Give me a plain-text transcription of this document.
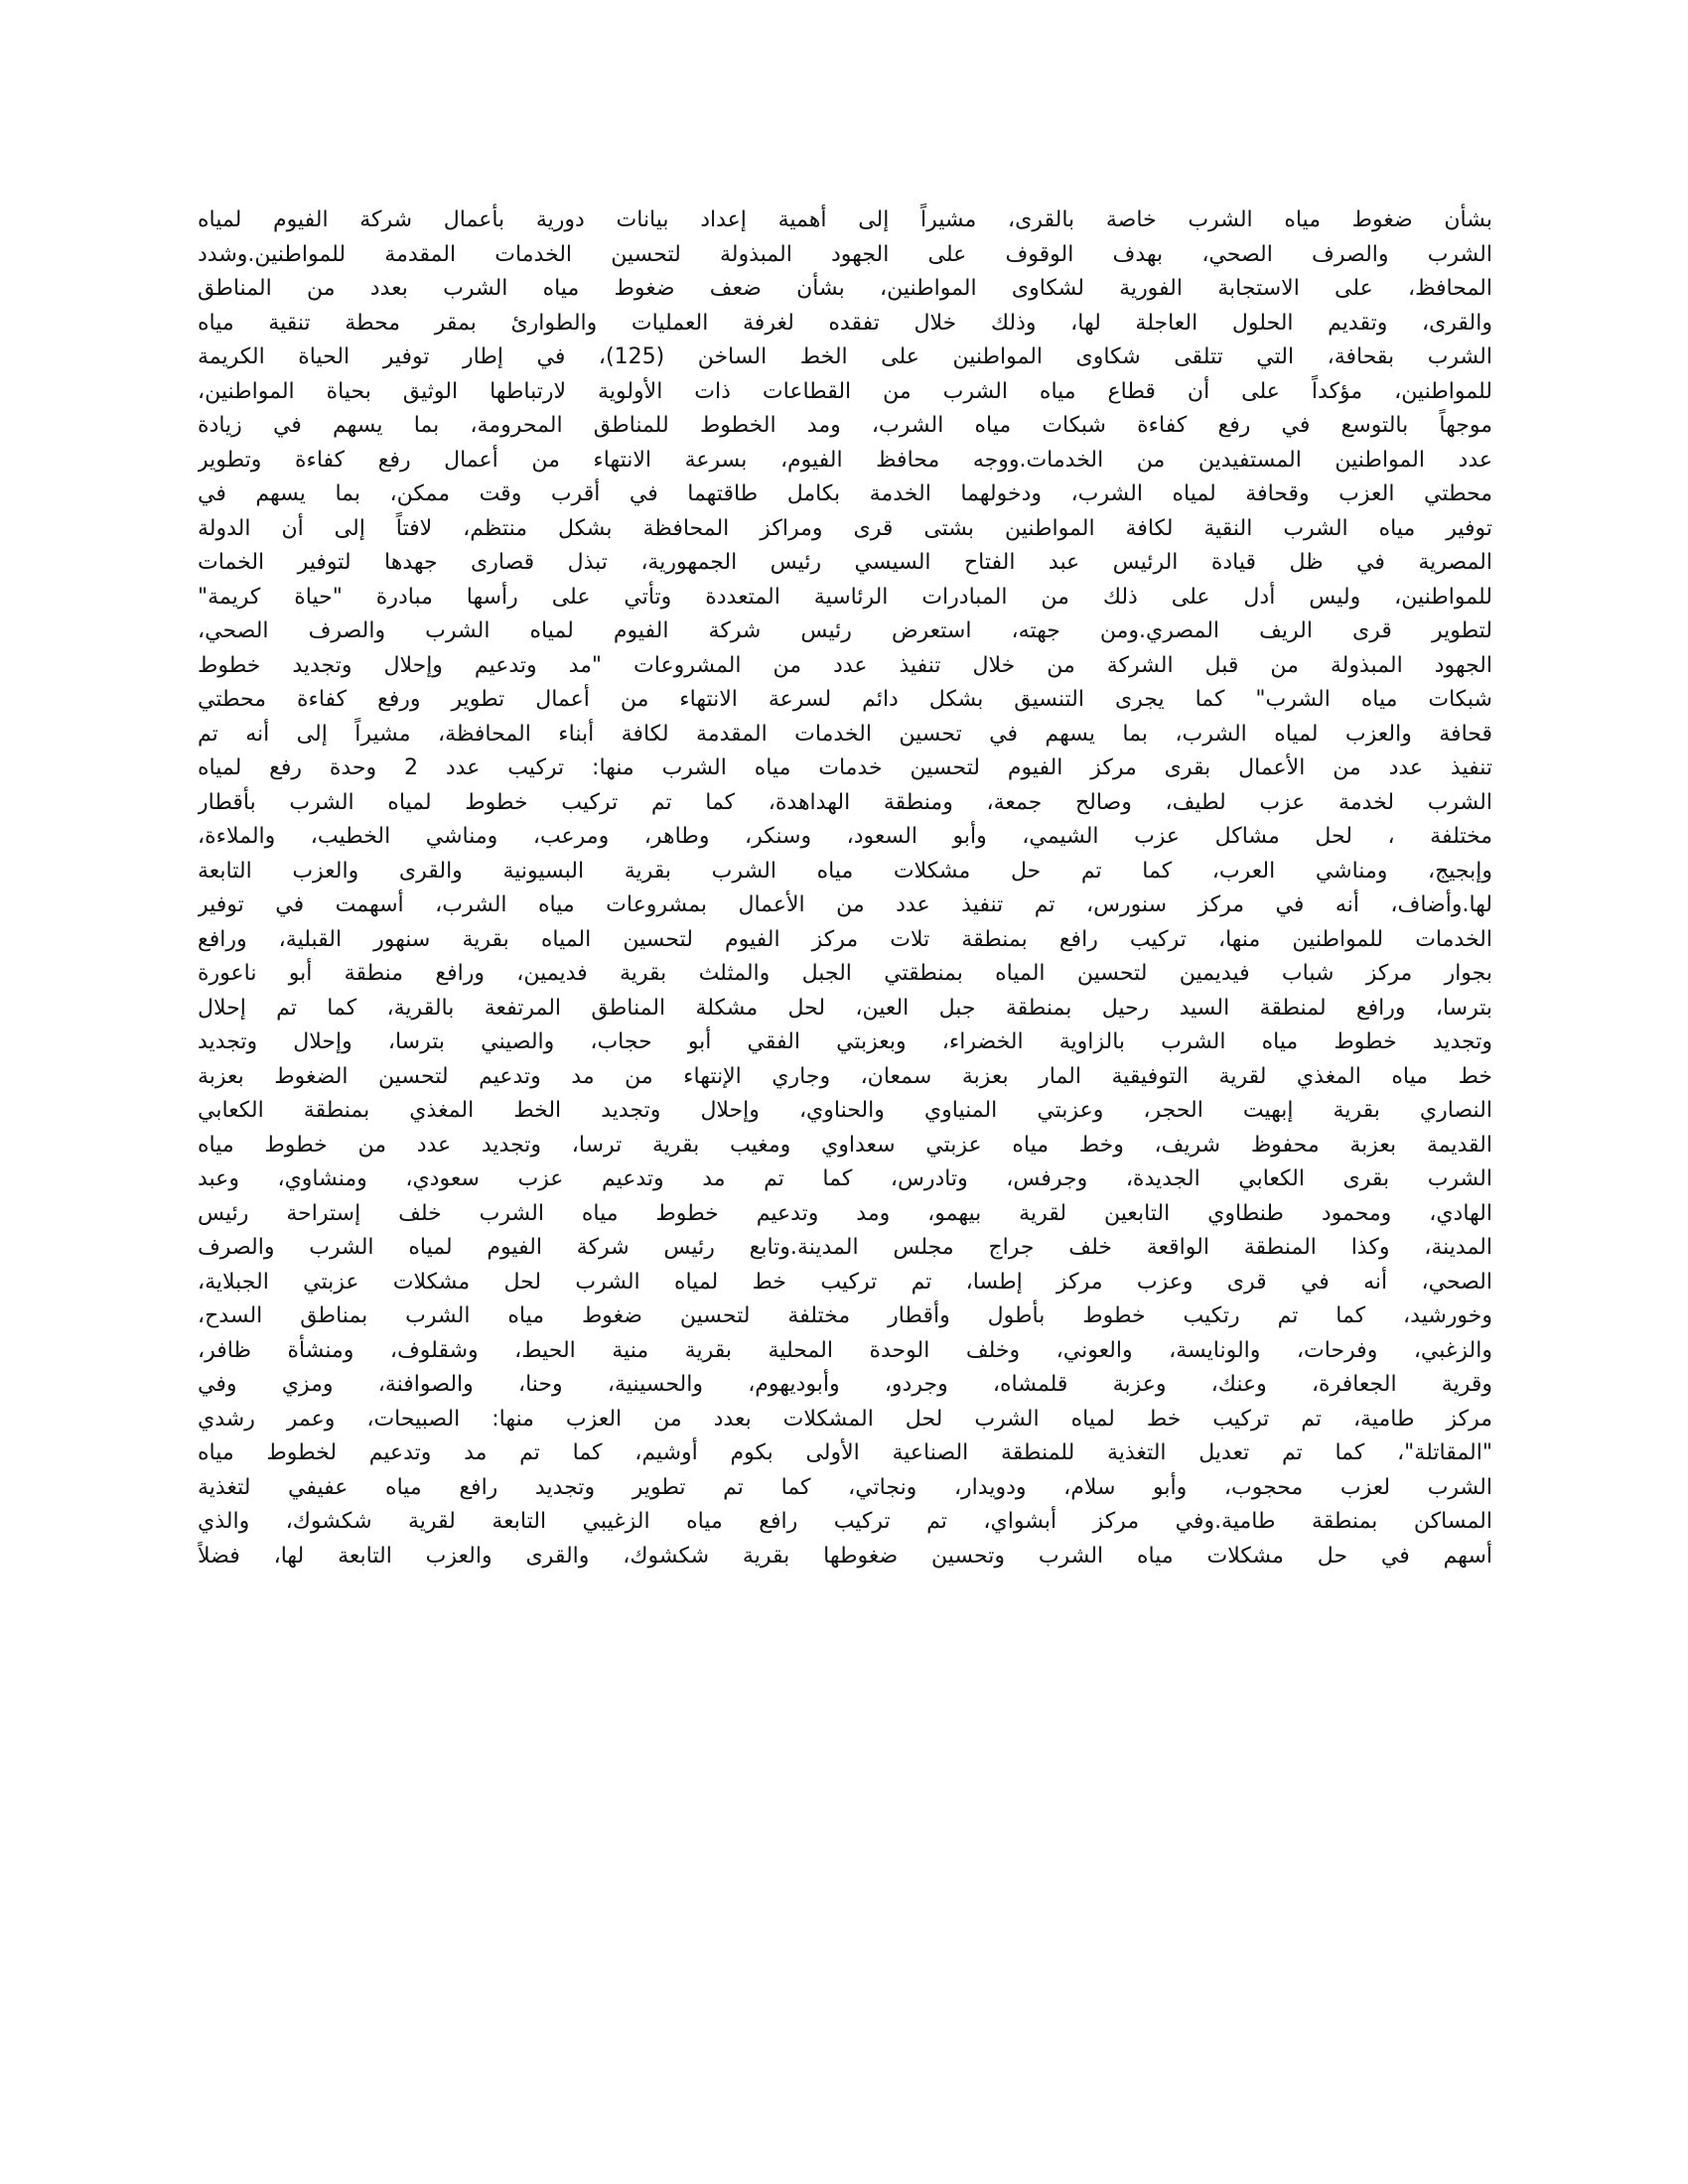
بشأن ضغوط مياه الشرب خاصة بالقرى، مشيراً إلى أهمية إعداد بيانات دورية بأعمال شركة الفيوم لمياه
الشرب والصرف الصحي، بهدف الوقوف على الجهود المبذولة لتحسين الخدمات المقدمة للمواطنين.وشدد
المحافظ، على الاستجابة الفورية لشكاوى المواطنين، بشأن ضعف ضغوط مياه الشرب بعدد من المناطق
والقرى، وتقديم الحلول العاجلة لها، وذلك خلال تفقده لغرفة العمليات والطوارئ بمقر محطة تنقية مياه
الشرب بقحافة، التي تتلقى شكاوى المواطنين على الخط الساخن (125)، في إطار توفير الحياة الكريمة
للمواطنين، مؤكداً على أن قطاع مياه الشرب من القطاعات ذات الأولوية لارتباطها الوثيق بحياة المواطنين،
موجهاً بالتوسع في رفع كفاءة شبكات مياه الشرب، ومد الخطوط للمناطق المحرومة، بما يسهم في زيادة
عدد المواطنين المستفيدين من الخدمات.ووجه محافظ الفيوم، بسرعة الانتهاء من أعمال رفع كفاءة وتطوير
محطتي العزب وقحافة لمياه الشرب، ودخولهما الخدمة بكامل طاقتهما في أقرب وقت ممكن، بما يسهم في
توفير مياه الشرب النقية لكافة المواطنين بشتى قرى ومراكز المحافظة بشكل منتظم، لافتاً إلى أن الدولة
المصرية في ظل قيادة الرئيس عبد الفتاح السيسي رئيس الجمهورية، تبذل قصارى جهدها لتوفير الخمات
للمواطنين، وليس أدل على ذلك من المبادرات الرئاسية المتعددة وتأتي على رأسها مبادرة "حياة كريمة"
لتطوير قرى الريف المصري.ومن جهته، استعرض رئيس شركة الفيوم لمياه الشرب والصرف الصحي،
الجهود المبذولة من قبل الشركة من خلال تنفيذ عدد من المشروعات "مد وتدعيم وإحلال وتجديد خطوط
شبكات مياه الشرب" كما يجرى التنسيق بشكل دائم لسرعة الانتهاء من أعمال تطوير ورفع كفاءة محطتي
قحافة والعزب لمياه الشرب، بما يسهم في تحسين الخدمات المقدمة لكافة أبناء المحافظة، مشيراً إلى أنه تم
تنفيذ عدد من الأعمال بقرى مركز الفيوم لتحسين خدمات مياه الشرب منها: تركيب عدد 2 وحدة رفع لمياه
الشرب لخدمة عزب لطيف، وصالح جمعة، ومنطقة الهداهدة، كما تم تركيب خطوط لمياه الشرب بأقطار
مختلفة ، لحل مشاكل عزب الشيمي، وأبو السعود، وسنكر، وطاهر، ومرعب، ومناشي الخطيب، والملاءة،
وإبجيج، ومناشي العرب، كما تم حل مشكلات مياه الشرب بقرية البسيونية والقرى والعزب التابعة
لها.وأضاف، أنه في مركز سنورس، تم تنفيذ عدد من الأعمال بمشروعات مياه الشرب، أسهمت في توفير
الخدمات للمواطنين منها، تركيب رافع بمنطقة تلات مركز الفيوم لتحسين المياه بقرية سنهور القبلية، ورافع
بجوار مركز شباب فيديمين لتحسين المياه بمنطقتي الجبل والمثلث بقرية فديمين، ورافع منطقة أبو ناعورة
بترسا، ورافع لمنطقة السيد رحيل بمنطقة جبل العين، لحل مشكلة المناطق المرتفعة بالقرية، كما تم إحلال
وتجديد خطوط مياه الشرب بالزاوية الخضراء، وبعزبتي الفقي أبو حجاب، والصيني بترسا، وإحلال وتجديد
خط مياه المغذي لقرية التوفيقية المار بعزبة سمعان، وجاري الإنتهاء من مد وتدعيم لتحسين الضغوط بعزبة
النصاري بقرية إبهيت الحجر، وعزبتي المنياوي والحناوي، وإحلال وتجديد الخط المغذي بمنطقة الكعابي
القديمة بعزبة محفوظ شريف، وخط مياه عزبتي سعداوي ومغيب بقرية ترسا، وتجديد عدد من خطوط مياه
الشرب بقرى الكعابي الجديدة، وجرفس، وتادرس، كما تم مد وتدعيم عزب سعودي، ومنشاوي، وعبد
الهادي، ومحمود طنطاوي التابعين لقرية بيهمو، ومد وتدعيم خطوط مياه الشرب خلف إستراحة رئيس
المدينة، وكذا المنطقة الواقعة خلف جراج مجلس المدينة.وتابع رئيس شركة الفيوم لمياه الشرب والصرف
الصحي، أنه في قرى وعزب مركز إطسا، تم تركيب خط لمياه الشرب لحل مشكلات عزبتي الجبلاية،
وخورشيد، كما تم رتكيب خطوط بأطول وأقطار مختلفة لتحسين ضغوط مياه الشرب بمناطق السدح،
والزغبي، وفرحات، والونايسة، والعوني، وخلف الوحدة المحلية بقرية منية الحيط، وشقلوف، ومنشأة ظافر،
وقرية الجعافرة، وعنك، وعزبة قلمشاه، وجردو، وأبوديهوم، والحسينية، وحنا، والصوافنة، ومزي وفي
مركز طامية، تم تركيب خط لمياه الشرب لحل المشكلات بعدد من العزب منها: الصبيحات، وعمر رشدي
"المقاتلة"، كما تم تعديل التغذية للمنطقة الصناعية الأولى بكوم أوشيم، كما تم مد وتدعيم لخطوط مياه
الشرب لعزب محجوب، وأبو سلام، ودويدار، ونجاتي، كما تم تطوير وتجديد رافع مياه عفيفي لتغذية
المساكن بمنطقة طامية.وفي مركز أبشواي، تم تركيب رافع مياه الزغيبي التابعة لقرية شكشوك، والذي
أسهم في حل مشكلات مياه الشرب وتحسين ضغوطها بقرية شكشوك، والقرى والعزب التابعة لها، فضلاً
